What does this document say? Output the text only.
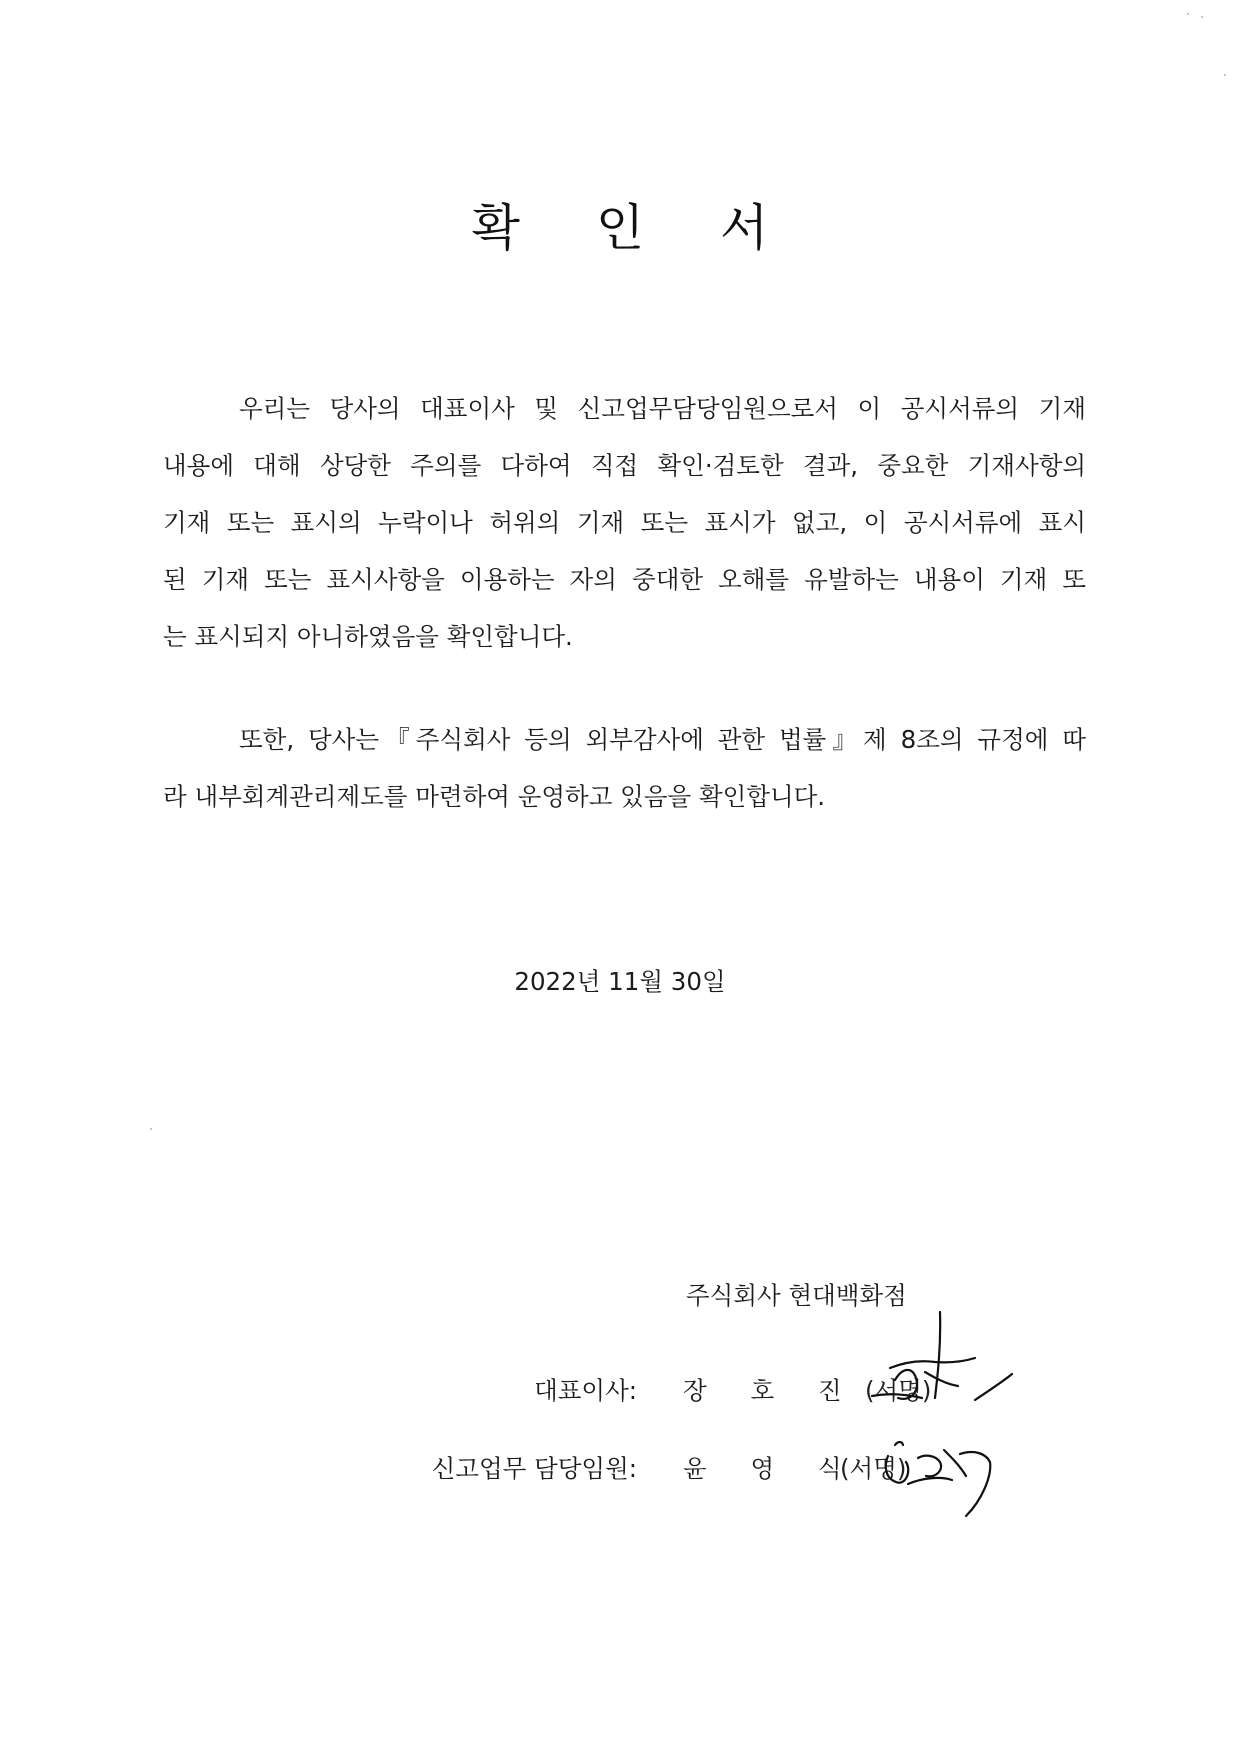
확 인 서

우리는 당사의 대표이사 및 신고업무담당임원으로서 이 공시서류의 기재
내용에 대해 상당한 주의를 다하여 직접 확인·검토한 결과, 중요한 기재사항의
기재 또는 표시의 누락이나 허위의 기재 또는 표시가 없고, 이 공시서류에 표시
된 기재 또는 표시사항을 이용하는 자의 중대한 오해를 유발하는 내용이 기재 또
는 표시되지 아니하였음을 확인합니다.

또한, 당사는『주식회사 등의 외부감사에 관한 법률』제 8조의 규정에 따
라 내부회계관리제도를 마련하여 운영하고 있음을 확인합니다.

2022년 11월 30일
주식회사 현대백화점
대표이사: 장 호 진 (서명)
신고업무 담당임원: 윤 영 식
(서명)
